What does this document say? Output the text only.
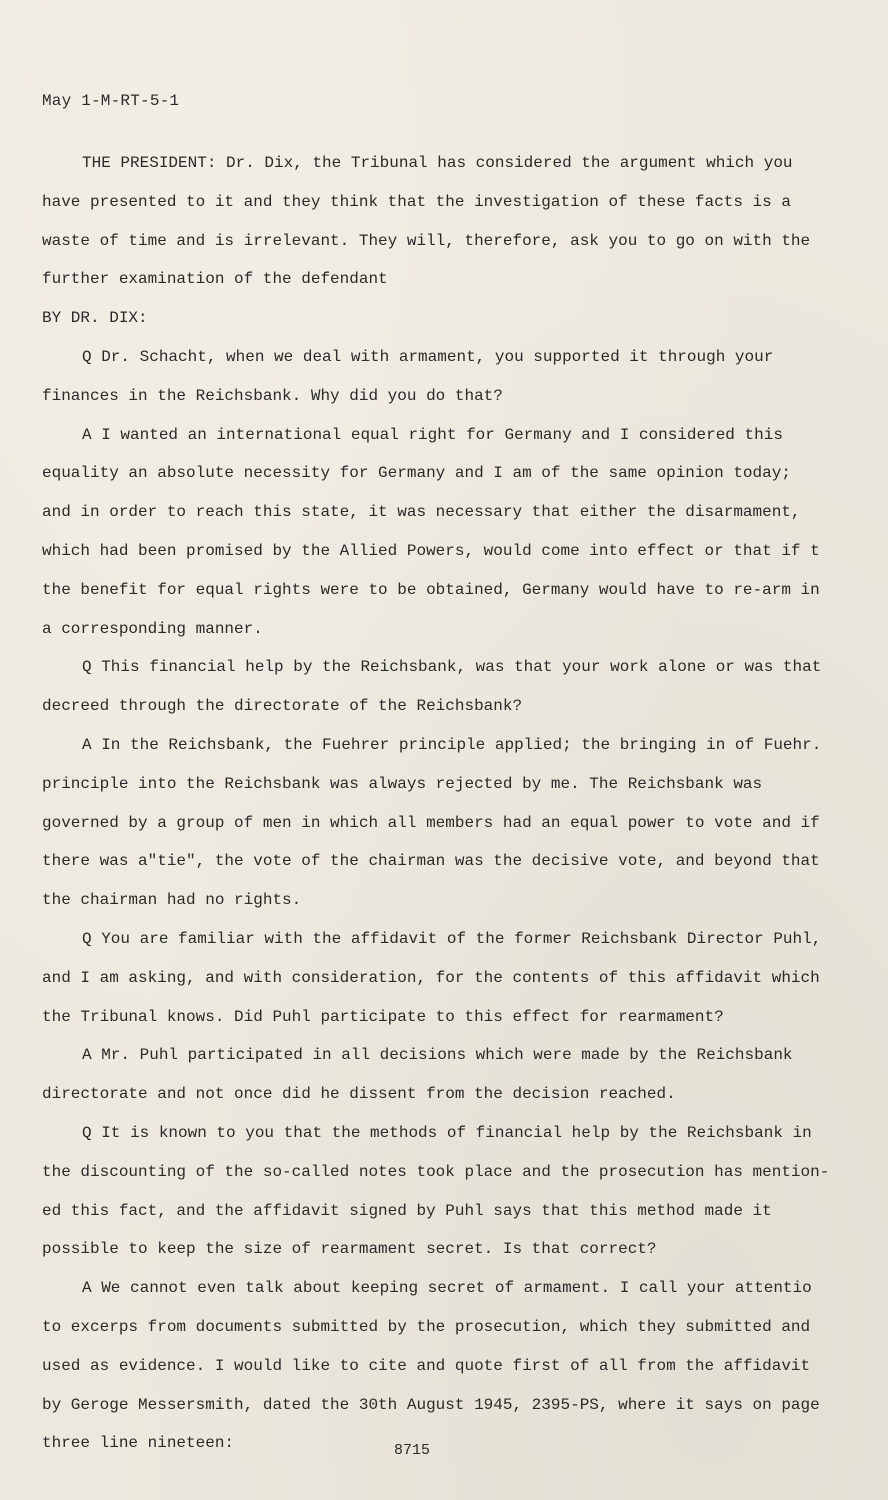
May 1-M-RT-5-1

THE PRESIDENT: Dr. Dix, the Tribunal has considered the argument which you

have presented to it and they think that the investigation of these facts is a

waste of time and is irrelevant. They will, therefore, ask you to go on with the

further examination of the defendant

BY DR. DIX:

Q Dr. Schacht, when we deal with armament, you supported it through your

finances in the Reichsbank. Why did you do that?

A I wanted an international equal right for Germany and I considered this

equality an absolute necessity for Germany and I am of the same opinion today;

and in order to reach this state, it was necessary that either the disarmament,

which had been promised by the Allied Powers, would come into effect or that if t

the benefit for equal rights were to be obtained, Germany would have to re-arm in

a corresponding manner.

Q This financial help by the Reichsbank, was that your work alone or was that

decreed through the directorate of the Reichsbank?

A In the Reichsbank, the Fuehrer principle applied; the bringing in of Fuehr.

principle into the Reichsbank was always rejected by me. The Reichsbank was

governed by a group of men in which all members had an equal power to vote and if

there was a"tie", the vote of the chairman was the decisive vote, and beyond that

the chairman had no rights.

Q You are familiar with the affidavit of the former Reichsbank Director Puhl,

and I am asking, and with consideration, for the contents of this affidavit which

the Tribunal knows. Did Puhl participate to this effect for rearmament?

A Mr. Puhl participated in all decisions which were made by the Reichsbank

directorate and not once did he dissent from the decision reached.

Q It is known to you that the methods of financial help by the Reichsbank in

the discounting of the so-called notes took place and the prosecution has mention-

ed this fact, and the affidavit signed by Puhl says that this method made it

possible to keep the size of rearmament secret. Is that correct?

A We cannot even talk about keeping secret of armament. I call your attentio

to excerps from documents submitted by the prosecution, which they submitted and

used as evidence. I would like to cite and quote first of all from the affidavit

by Geroge Messersmith, dated the 30th August 1945, 2395-PS, where it says on page

three line nineteen:	8715
